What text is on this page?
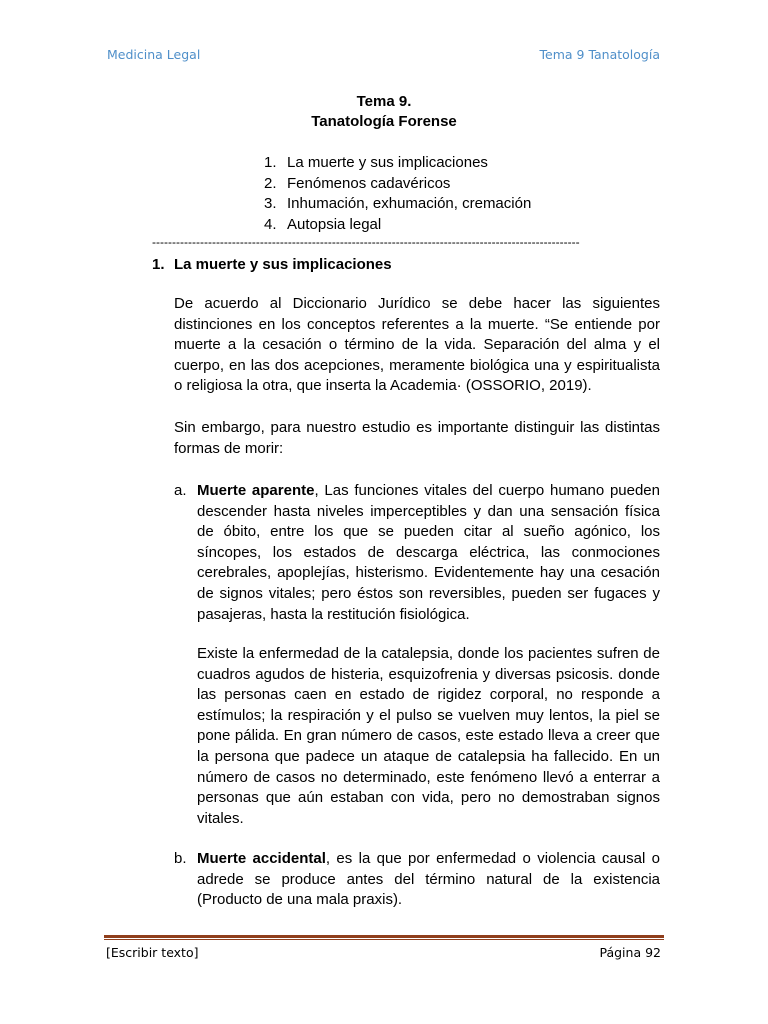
Medicina Legal	Tema 9 Tanatología
Tema 9.
Tanatología Forense
1. La muerte y sus implicaciones
2. Fenómenos cadavéricos
3. Inhumación, exhumación, cremación
4. Autopsia legal
-----------------------------------------------------------------------------------------------------------
1. La muerte y sus implicaciones

De acuerdo al Diccionario Jurídico se debe hacer las siguientes distinciones en los conceptos referentes a la muerte. “Se entiende por muerte a la cesación o término de la vida. Separación del alma y el cuerpo, en las dos acepciones, meramente biológica una y espiritualista o religiosa la otra, que inserta la Academia· (OSSORIO, 2019).

Sin embargo, para nuestro estudio es importante distinguir las distintas formas de morir:

a. Muerte aparente, Las funciones vitales del cuerpo humano pueden descender hasta niveles imperceptibles y dan una sensación física de óbito, entre los que se pueden citar al sueño agónico, los síncopes, los estados de descarga eléctrica, las conmociones cerebrales, apoplejías, histerismo. Evidentemente hay una cesación de signos vitales; pero éstos son reversibles, pueden ser fugaces y pasajeras, hasta la restitución fisiológica.

Existe la enfermedad de la catalepsia, donde los pacientes sufren de cuadros agudos de histeria, esquizofrenia y diversas psicosis. donde las personas caen en estado de rigidez corporal, no responde a estímulos; la respiración y el pulso se vuelven muy lentos, la piel se pone pálida. En gran número de casos, este estado lleva a creer que la persona que padece un ataque de catalepsia ha fallecido. En un número de casos no determinado, este fenómeno llevó a enterrar a personas que aún estaban con vida, pero no demostraban signos vitales.

b. Muerte accidental, es la que por enfermedad o violencia causal o adrede se produce antes del término natural de la existencia (Producto de una mala praxis).

[Escribir texto]	Página 92
